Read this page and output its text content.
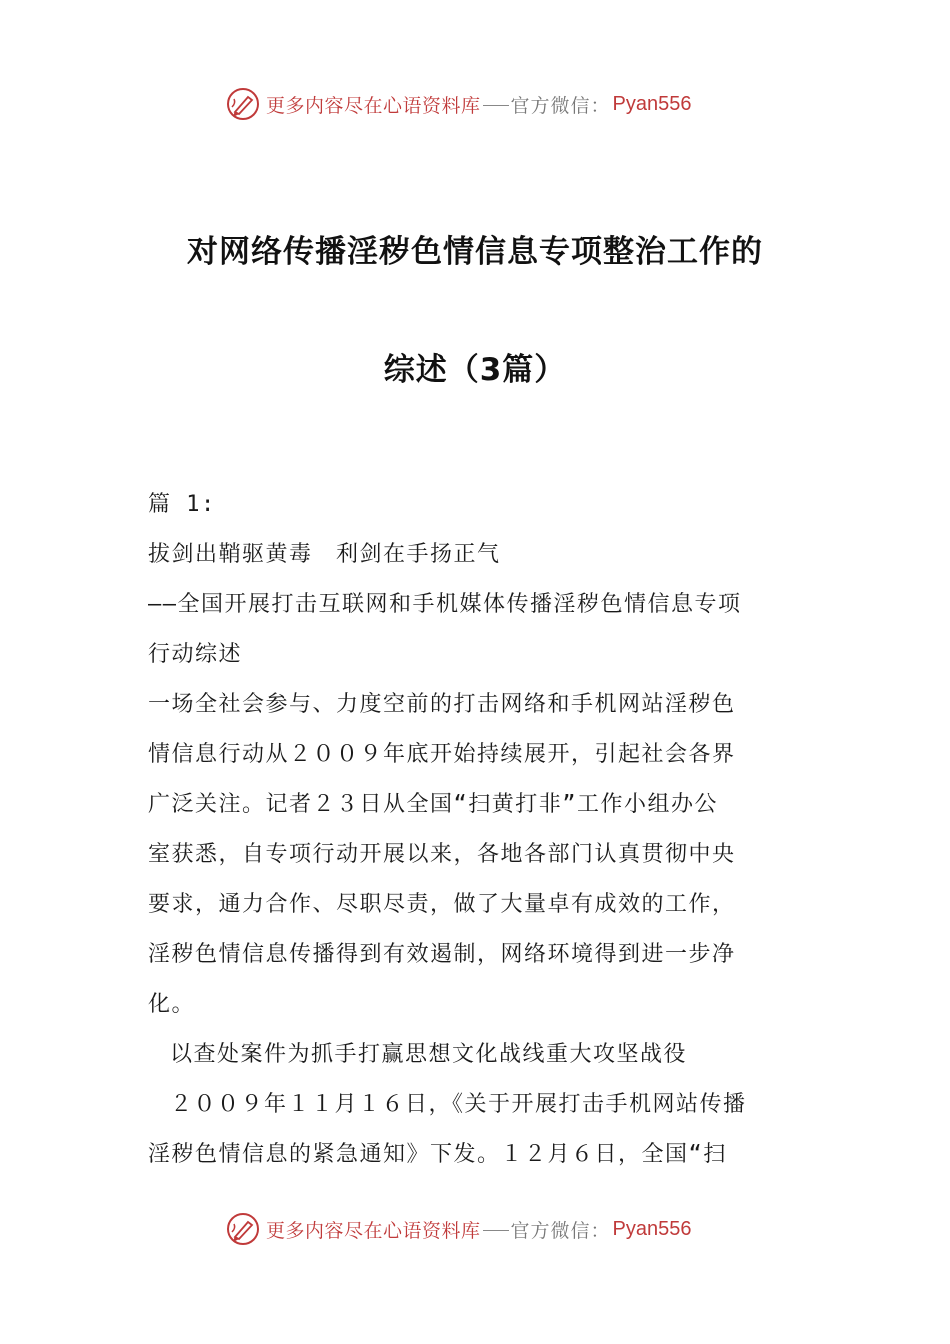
更多内容尽在心语资料库 官方微信： Pyan556
对网络传播淫秽色情信息专项整治工作的
综述（3篇）
篇 1:
拔剑出鞘驱黄毒　利剑在手扬正气
——全国开展打击互联网和手机媒体传播淫秽色情信息专项
行动综述
一场全社会参与、力度空前的打击网络和手机网站淫秽色
情信息行动从２００９年底开始持续展开，引起社会各界
广泛关注。记者２３日从全国“扫黄打非”工作小组办公
室获悉，自专项行动开展以来，各地各部门认真贯彻中央
要求，通力合作、尽职尽责，做了大量卓有成效的工作，
淫秽色情信息传播得到有效遏制，网络环境得到进一步净
化。
以查处案件为抓手打赢思想文化战线重大攻坚战役
２００９年１１月１６日，《关于开展打击手机网站传播
淫秽色情信息的紧急通知》下发。１２月６日，全国“扫
更多内容尽在心语资料库 官方微信： Pyan556
